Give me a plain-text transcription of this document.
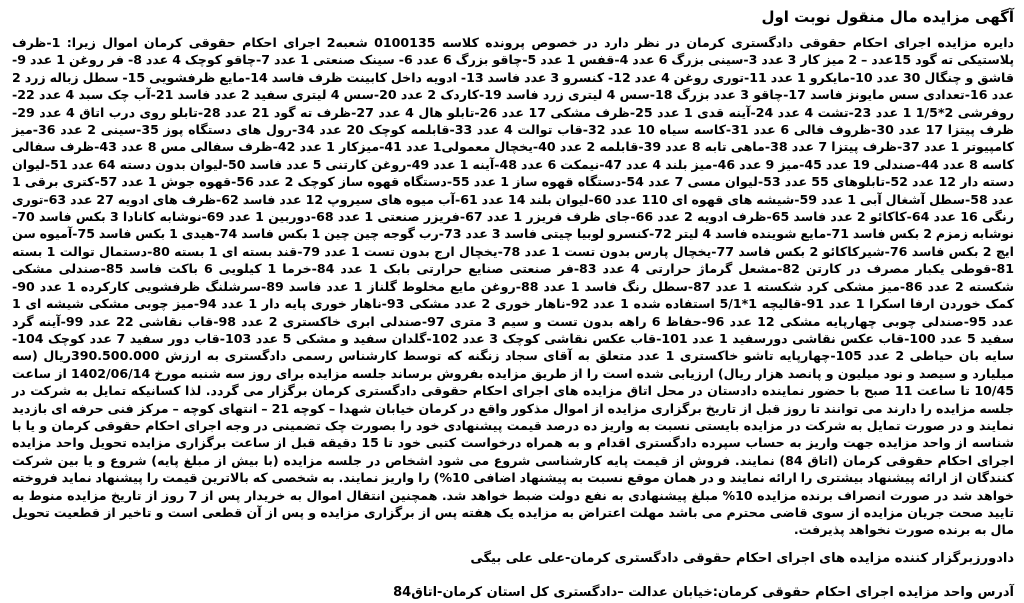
آگهی مزایده مال منقول نوبت اول

دایره مزایده اجرای احکام حقوقی دادگستری کرمان در نظر دارد در خصوص پرونده کلاسه 0100135 شعبه2 اجرای احکام حقوقی کرمان اموال زیرا: 1-ظرف پلاستیکی ته گود 15عدد – 2 میز کار 3 عدد 3-سینی بزرگ 6 عدد 4-قفس 1 عدد 5-چاقو بزرگ 6 عدد 6- سینک صنعتی 1 عدد 7-چاقو کوچک 4 عدد 8- فر روغن 1 عدد 9-قاشق و چنگال 30 عدد 10-مایکرو 1 عدد 11-توری روغن 4 عدد 12- کنسرو 3 عدد فاسد 13- ادویه داخل کابینت ظرف فاسد 14-مایع ظرفشویی 15- سطل زباله زرد 2 عدد 16-تعدادی سس مایونز فاسد 17-چاقو 3 عدد بزرگ 18-سس 4 لیتری زرد فاسد 19-کاردک 2 عدد 20-سس 4 لیتری سفید 2 عدد فاسد 21-آب چک سبد 4 عدد 22-روفرشی 2*1/5 1 عدد 23-تشت 4 عدد 24-آینه قدی 1 عدد 25-ظرف مشکی 17 عدد 26-تابلو هال 4 عدد 27-ظرف ته گود 21 عدد 28-تابلو روی درب اتاق 4 عدد 29-ظرف پیتزا 17 عدد 30-ظروف فالی 6 عدد 31-کاسه سیاه 10 عدد 32-قاب توالت 4 عدد 33-قابلمه کوچک 20 عدد 34-رول های دستگاه پوز 35-سینی 2 عدد 36-میز کامپیوتر 1 عدد 37-ظرف پیتزا 7 عدد 38-ماهی تابه 8 عدد 39-قابلمه 2 عدد 40-یخچال معمولی1 عدد 41-میزکار 1 عدد 42-ظرف سفالی مس 8 عدد 43-ظرف سفالی کاسه 8 عدد 44-صندلی 19 عدد 45-میز 9 عدد 46-میز بلند 4 عدد 47-نیمکت 6 عدد 48-آینه 1 عدد 49-روغن کارتنی 5 عدد فاسد 50-لیوان بدون دسته 64 عدد 51-لیوان دسته دار 12 عدد 52-تابلوهای 55 عدد 53-لیوان مسی 7 عدد 54-دستگاه قهوه ساز 1 عدد 55-دستگاه قهوه ساز کوچک 2 عدد 56-قهوه جوش 1 عدد 57-کتری برقی 1 عدد 58-سطل آشغال آبی 1 عدد 59-شیشه های قهوه ای 110 عدد 60-لیوان بلند 14 عدد 61-آب میوه های سیروپ 12 عدد فاسد 62-ظرف های ادویه 27 عدد 63-توری رنگی 16 عدد 64-کاکائو 2 عدد فاسد 65-ظرف ادویه 2 عدد 66-جای ظرف فریزر 1 عدد 67-فریزر صنعتی 1 عدد 68-دوربین 1 عدد 69-نوشابه کانادا 3 بکس فاسد 70-نوشابه زمزم 2 بکس فاسد 71-مایع شوینده فاسد 4 لیتر 72-کنسرو لوبیا چیتی فاسد 3 عدد 73-رب گوجه چین چین 1 بکس فاسد 74-هیدی 1 بکس فاسد 75-آمیوه سن ایچ 2 بکس فاسد 76-شیرکاکائو 2 بکس فاسد 77-یخچال پارس بدون تست 1 عدد 78-یخچال ارج بدون تست 1 عدد 79-قند بسته ای 1 بسته 80-دستمال توالت 1 بسته 81-قوطی یکبار مصرف در کارتن 82-مشعل گرماژ حرارتی 4 عدد 83-فر صنعتی صنایع حرارتی بابک 1 عدد 84-خرما 1 کیلویی 6 باکت فاسد 85-صندلی مشکی شکسته 2 عدد 86-میز مشکی کرد شکسته 1 عدد 87-سطل رنگ فاسد 1 عدد 88-روغن مایع مخلوط گلناز 1 عدد فاسد 89-سرشلنگ ظرفشویی کارکرده 1 عدد 90-کمک خوردن ارفا اسکرا 1 عدد 91-قالیچه 1*5/1 استفاده شده 1 عدد 92-ناهار خوری 2 عدد مشکی 93-ناهار خوری پایه دار 1 عدد 94-میز چوبی مشکی شیشه ای 1 عدد 95-صندلی چوبی چهارپایه مشکی 12 عدد 96-حفاظ 6 راهه بدون تست و سیم 3 متری 97-صندلی ابری خاکستری 2 عدد 98-قاب نقاشی 22 عدد 99-آینه گرد سفید 5 عدد 100-قاب عکس نقاشی دورسفید 1 عدد 101-قاب عکس نقاشی کوچک 3 عدد 102-گلدان سفید و مشکی 5 عدد 103-قاب دور سفید 7 عدد کوچک 104-سایه بان حیاطی 2 عدد 105-چهارپایه تاشو خاکستری 1 عدد متعلق به آقای سجاد زنگنه که توسط کارشناس رسمی دادگستری به ارزش 390.500.000ریال (سه میلیارد و سیصد و نود میلیون و پانصد هزار ریال) ارزیابی شده است را از طریق مزایده بفروش برساند جلسه مزایده برای روز سه شنبه مورخ 1402/06/14 از ساعت 10/45 تا ساعت 11 صبح با حضور نماینده دادستان در محل اتاق مزایده های اجرای احکام حقوقی دادگستری کرمان برگزار می گردد. لذا کسانیکه تمایل به شرکت در جلسه مزایده را دارند می توانند تا روز قبل از تاریخ برگزاری مزایده از اموال مذکور واقع در کرمان خیابان شهدا – کوچه 21 – انتهای کوچه – مرکز فنی حرفه ای بازدید نمایند و در صورت تمایل به شرکت در مزایده بایستی نسبت به واریز ده درصد قیمت پیشنهادی خود را بصورت چک تضمینی در وجه اجرای احکام حقوقی کرمان و یا با شناسه از واحد مزایده جهت واریز به حساب سپرده دادگستری اقدام و به همراه درخواست کتبی خود تا 15 دقیقه قبل از ساعت برگزاری مزایده تحویل واحد مزایده اجرای احکام حقوقی کرمان (اتاق 84) نمایند. فروش از قیمت پایه کارشناسی شروع می شود اشخاص در جلسه مزایده (با بیش از مبلغ پایه) شروع و یا بین شرکت کنندگان از ارائه پیشنهاد بیشتری را ارائه نمایند و در همان موقع نسبت به پیشنهاد اضافی 10%) را واریز نمایند. به شخصی که بالاترین قیمت را پیشنهاد نماید فروخته خواهد شد در صورت انصراف برنده مزایده 10% مبلغ پیشنهادی به نفع دولت ضبط خواهد شد. همچنین انتقال اموال به خریدار پس از 7 روز از تاریخ مزایده منوط به تایید صحت جریان مزایده از سوی قاضی محترم می باشد مهلت اعتراض به مزایده یک هفته پس از برگزاری مزایده و پس از آن قطعی است و تاخیر از قطعیت تحویل مال به برنده صورت نخواهد پذیرفت.

دادورزبرگزار کننده مزایده های اجرای احکام حقوقی دادگستری کرمان-علی علی بیگی

آدرس واحد مزایده اجرای احکام حقوقی کرمان:خیابان عدالت –دادگستری کل استان کرمان-اتاق84
